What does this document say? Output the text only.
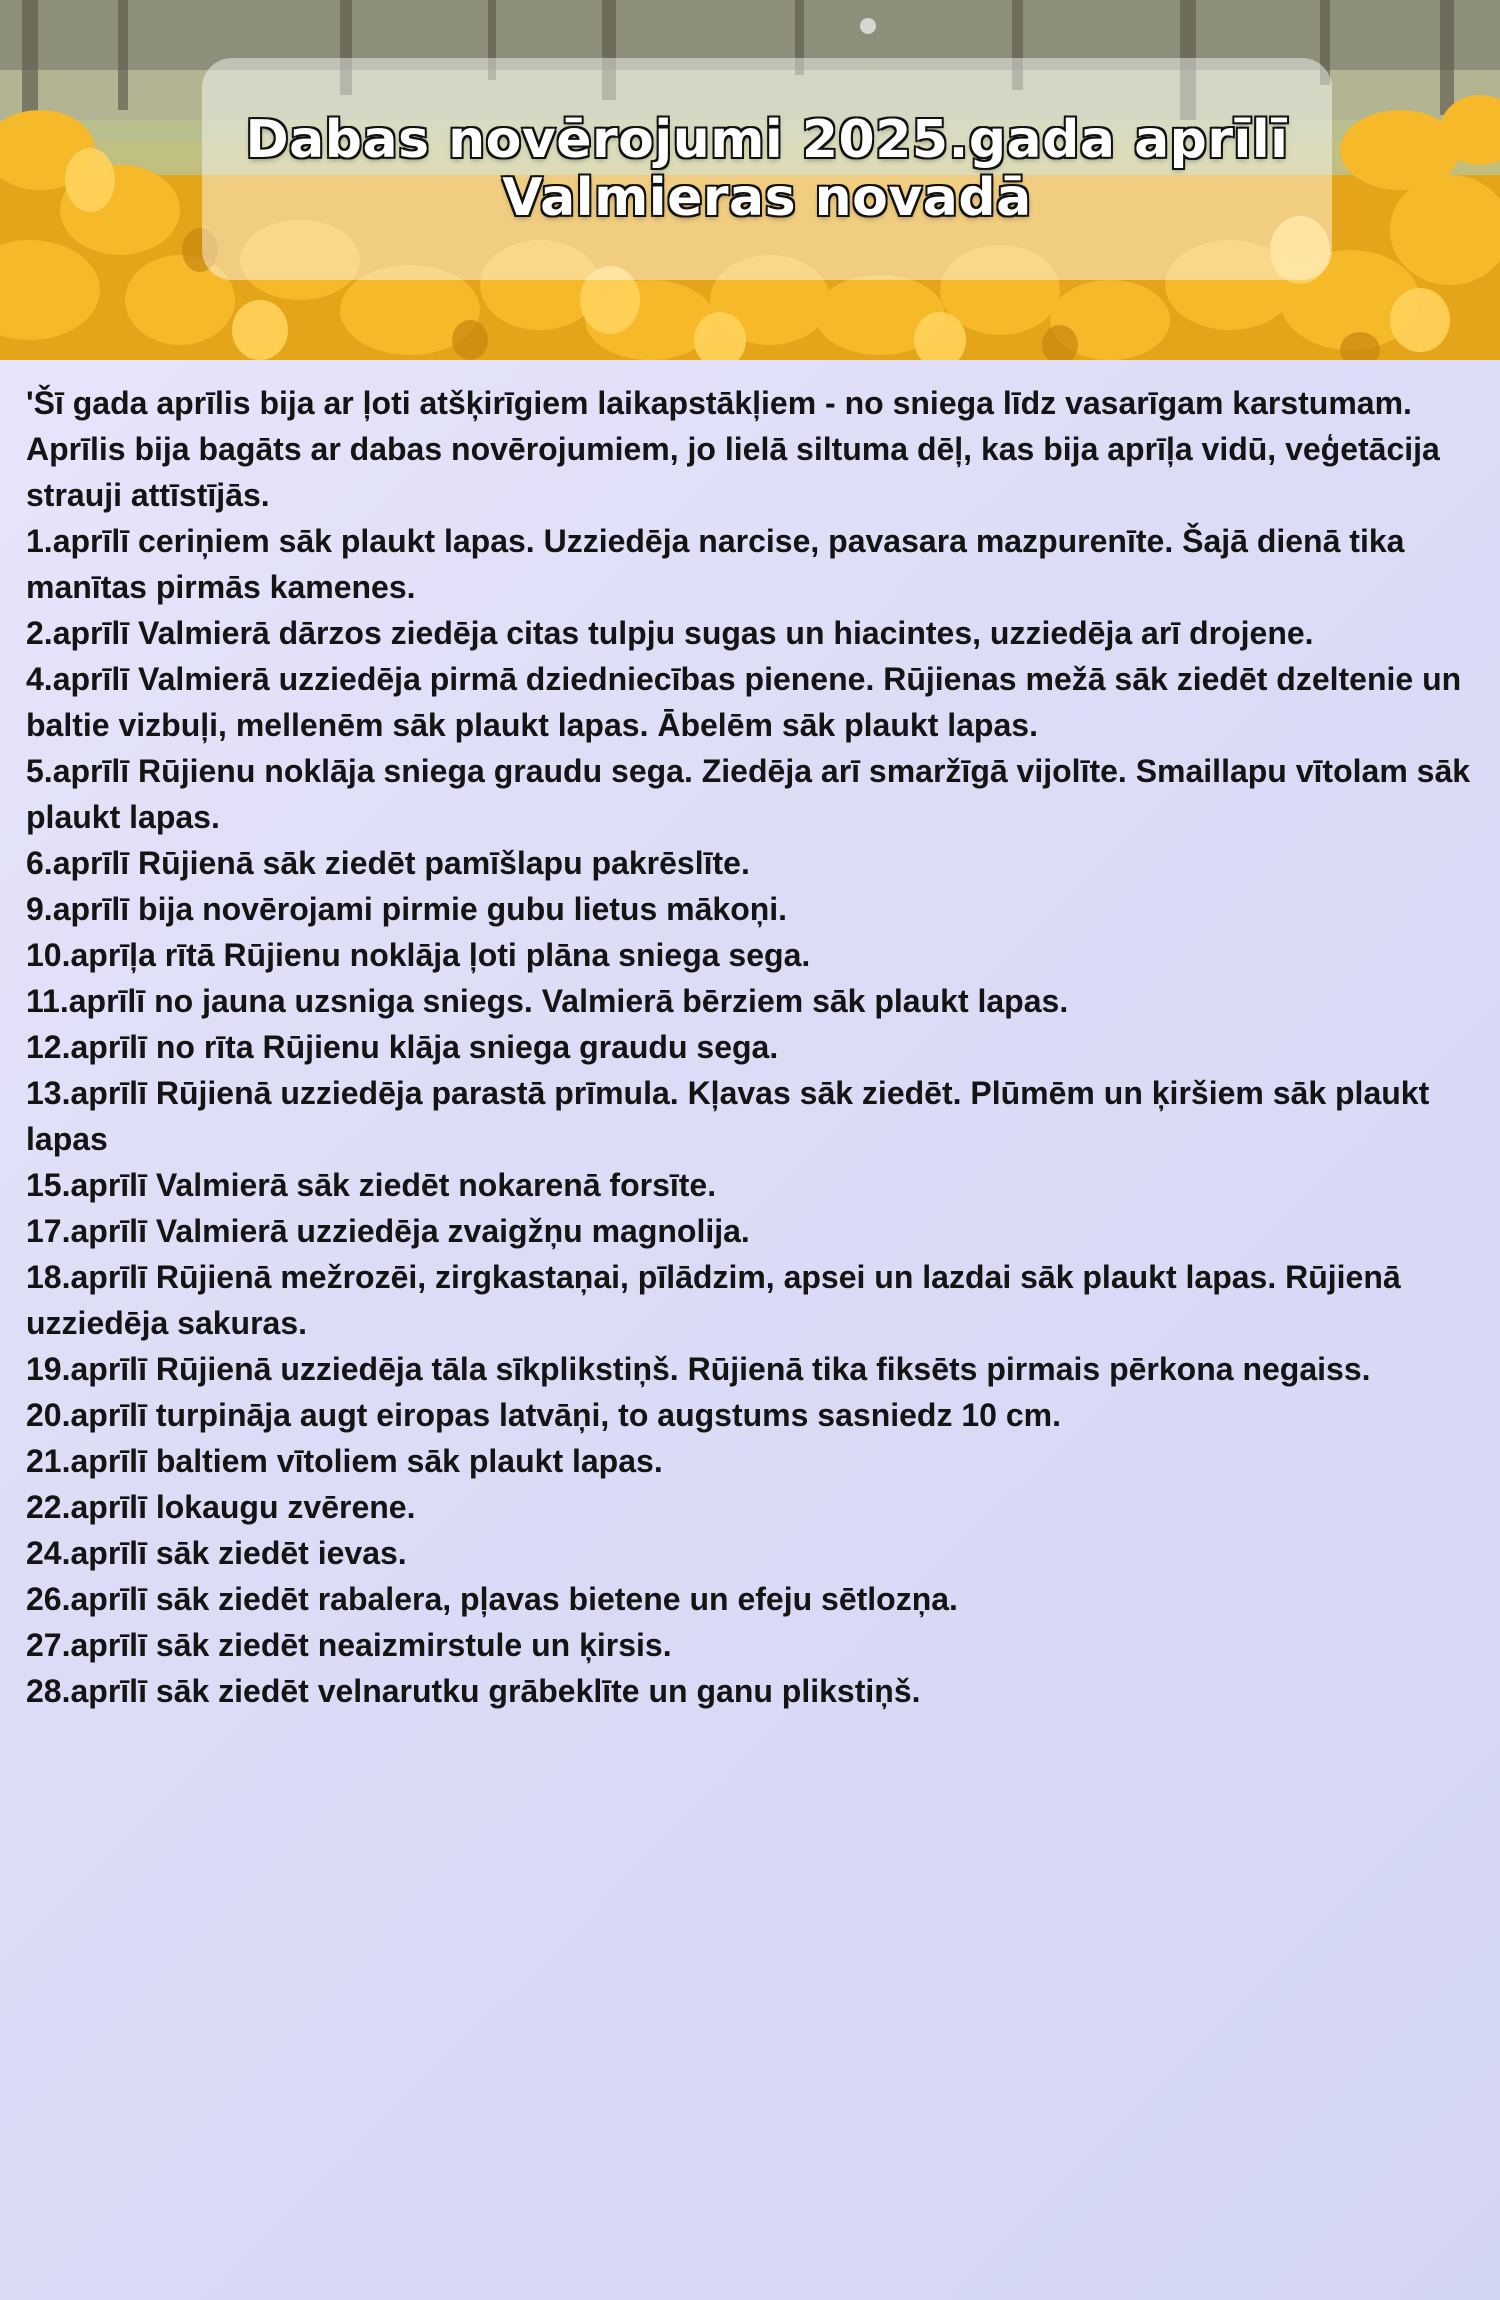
Dabas novērojumi 2025.gada aprīlī Valmieras novadā

'Šī gada aprīlis bija ar ļoti atšķirīgiem laikapstākļiem - no sniega līdz vasarīgam karstumam. Aprīlis bija bagāts ar dabas novērojumiem, jo lielā siltuma dēļ, kas bija aprīļa vidū, veģetācija strauji attīstījās.

1.aprīlī ceriņiem sāk plaukt lapas. Uzziedēja narcise, pavasara mazpurenīte. Šajā dienā tika manītas pirmās kamenes.

2.aprīlī Valmierā dārzos ziedēja citas tulpju sugas un hiacintes, uzziedēja arī drojene.

4.aprīlī Valmierā uzziedēja pirmā dziedniecības pienene. Rūjienas mežā sāk ziedēt dzeltenie un baltie vizbuļi, mellenēm sāk plaukt lapas. Ābelēm sāk plaukt lapas.

5.aprīlī Rūjienu noklāja sniega graudu sega. Ziedēja arī smaržīgā vijolīte. Smaillapu vītolam sāk plaukt lapas.

6.aprīlī Rūjienā sāk ziedēt pamīšlapu pakrēslīte.

9.aprīlī bija novērojami pirmie gubu lietus mākoņi.

10.aprīļa rītā Rūjienu noklāja ļoti plāna sniega sega.

11.aprīlī no jauna uzsniga sniegs. Valmierā bērziem sāk plaukt lapas.

12.aprīlī no rīta Rūjienu klāja sniega graudu sega.

13.aprīlī Rūjienā uzziedēja parastā prīmula. Kļavas sāk ziedēt. Plūmēm un ķiršiem sāk plaukt lapas

15.aprīlī Valmierā sāk ziedēt nokarenā forsīte.

17.aprīlī Valmierā uzziedēja zvaigžņu magnolija.

18.aprīlī Rūjienā mežrozēi, zirgkastaņai, pīlādzim, apsei un lazdai sāk plaukt lapas. Rūjienā uzziedēja sakuras.

19.aprīlī Rūjienā uzziedēja tāla sīkplikstiņš. Rūjienā tika fiksēts pirmais pērkona negaiss.

20.aprīlī turpināja augt eiropas latvāņi, to augstums sasniedz 10 cm.

21.aprīlī baltiem vītoliem sāk plaukt lapas.

22.aprīlī lokaugu zvērene.

24.aprīlī sāk ziedēt ievas.

26.aprīlī sāk ziedēt rabalera, pļavas bietene un efeju sētlozņa.

27.aprīlī sāk ziedēt neaizmirstule un ķirsis.

28.aprīlī sāk ziedēt velnarutku grābeklīte un ganu plikstiņš.
